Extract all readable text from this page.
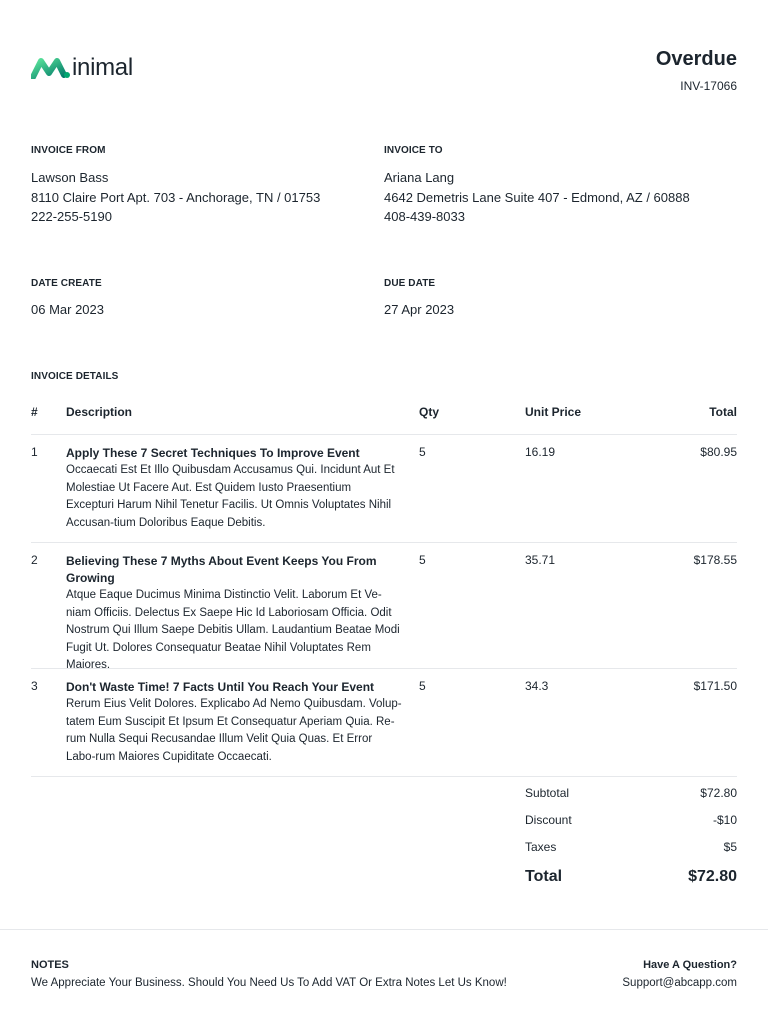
inimal	Overdue
INV-17066
INVOICE FROM
Lawson Bass
8110 Claire Port Apt. 703 - Anchorage, TN / 01753
222-255-5190
INVOICE TO
Ariana Lang
4642 Demetris Lane Suite 407 - Edmond, AZ / 60888
408-439-8033
DATE CREATE
06 Mar 2023
DUE DATE
27 Apr 2023
INVOICE DETAILS
# Description	Qty	Unit Price	Total
1 Apply These 7 Secret Techniques To Improve Event
Occaecati Est Et Illo Quibusdam Accusamus Qui. Incidunt Aut Et Molestiae Ut Facere Aut. Est Quidem Iusto Praesentium Excepturi Harum Nihil Tenetur Facilis. Ut Omnis Voluptates Nihil Accusan-tium Doloribus Eaque Debitis.
5	16.19	$80.95
2 Believing These 7 Myths About Event Keeps You From Growing
Atque Eaque Ducimus Minima Distinctio Velit. Laborum Et Ve-niam Officiis. Delectus Ex Saepe Hic Id Laboriosam Officia. Odit Nostrum Qui Illum Saepe Debitis Ullam. Laudantium Beatae Modi Fugit Ut. Dolores Consequatur Beatae Nihil Voluptates Rem Maiores.
5	35.71	$178.55
3 Don't Waste Time! 7 Facts Until You Reach Your Event
Rerum Eius Velit Dolores. Explicabo Ad Nemo Quibusdam. Volup-tatem Eum Suscipit Et Ipsum Et Consequatur Aperiam Quia. Re-rum Nulla Sequi Recusandae Illum Velit Quia Quas. Et Error Labo-rum Maiores Cupiditate Occaecati.
5	34.3	$171.50
Subtotal	$72.80
Discount	-$10
Taxes	$5
Total	$72.80
NOTES
We Appreciate Your Business. Should You Need Us To Add VAT Or Extra Notes Let Us Know!
Have A Question?
Support@abcapp.com
